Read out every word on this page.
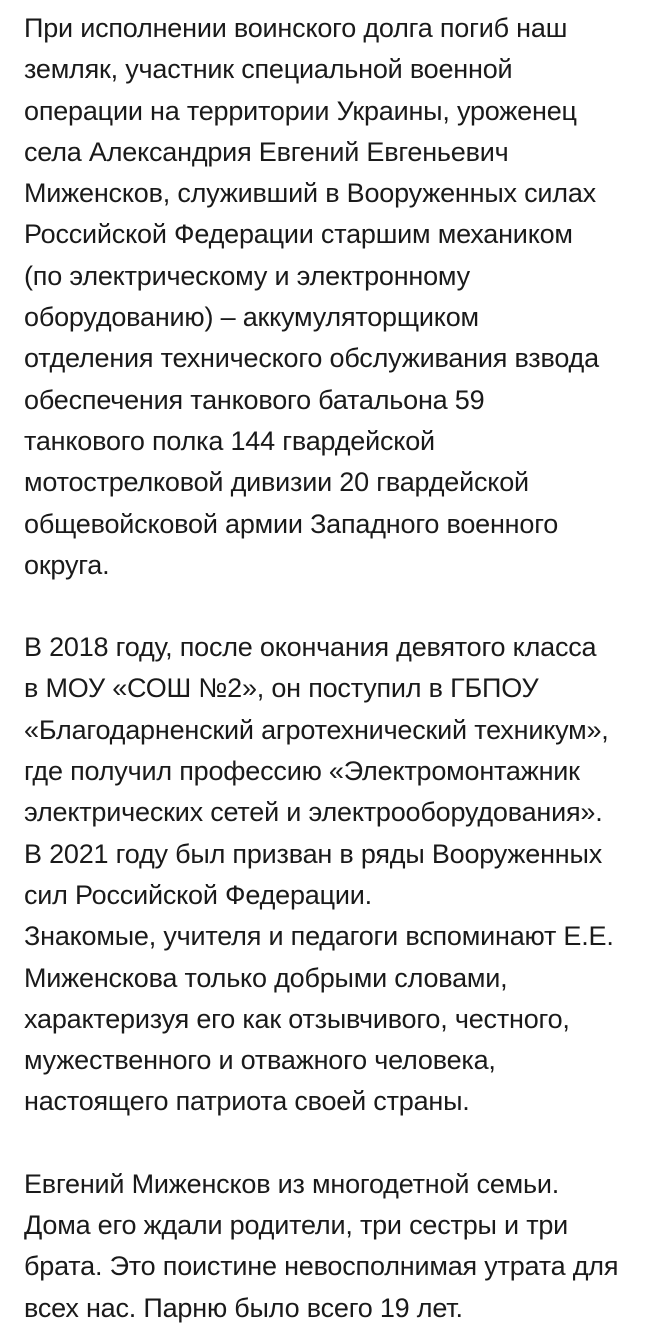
При исполнении воинского долга погиб наш
земляк, участник специальной военной
операции на территории Украины, уроженец
села Александрия Евгений Евгеньевич
Миженсков, служивший в Вооруженных силах
Российской Федерации старшим механиком
(по электрическому и электронному
оборудованию) – аккумуляторщиком
отделения технического обслуживания взвода
обеспечения танкового батальона 59
танкового полка 144 гвардейской
мотострелковой дивизии 20 гвардейской
общевойсковой армии Западного военного
округа.

В 2018 году, после окончания девятого класса
в МОУ «СОШ №2», он поступил в ГБПОУ
«Благодарненский агротехнический техникум»,
где получил профессию «Электромонтажник
электрических сетей и электрооборудования».
В 2021 году был призван в ряды Вооруженных
сил Российской Федерации.
Знакомые, учителя и педагоги вспоминают Е.Е.
Миженскова только добрыми словами,
характеризуя его как отзывчивого, честного,
мужественного и отважного человека,
настоящего патриота своей страны.

Евгений Миженсков из многодетной семьи.
Дома его ждали родители, три сестры и три
брата. Это поистине невосполнимая утрата для
всех нас. Парню было всего 19 лет.
